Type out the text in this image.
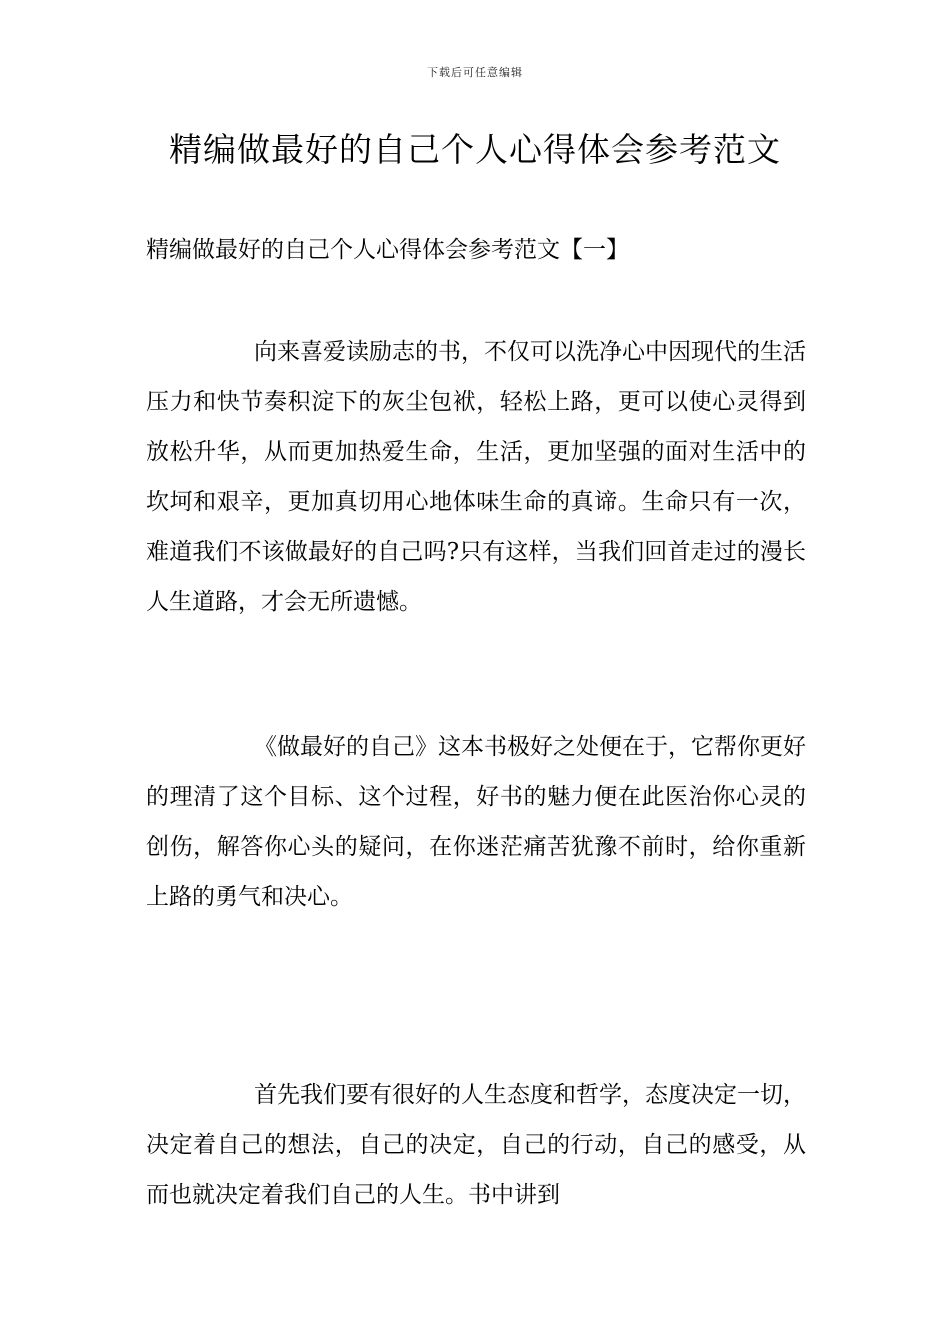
下载后可任意编辑
精编做最好的自己个人心得体会参考范文
精编做最好的自己个人心得体会参考范文【一】

向来喜爱读励志的书，不仅可以洗净心中因现代的生活压力和快节奏积淀下的灰尘包袱，轻松上路，更可以使心灵得到放松升华，从而更加热爱生命，生活，更加坚强的面对生活中的坎坷和艰辛，更加真切用心地体味生命的真谛。生命只有一次，难道我们不该做最好的自己吗?只有这样，当我们回首走过的漫长人生道路，才会无所遗憾。

《做最好的自己》这本书极好之处便在于，它帮你更好的理清了这个目标、这个过程，好书的魅力便在此医治你心灵的创伤，解答你心头的疑问，在你迷茫痛苦犹豫不前时，给你重新上路的勇气和决心。

首先我们要有很好的人生态度和哲学，态度决定一切，决定着自己的想法，自己的决定，自己的行动，自己的感受，从而也就决定着我们自己的人生。书中讲到
